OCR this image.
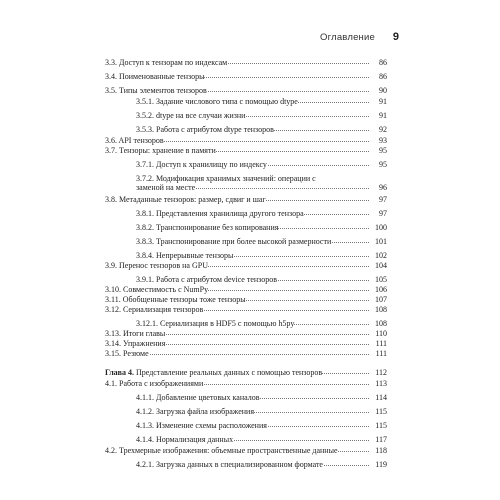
Оглавление 9
3.3. Доступ к тензорам по индексам	86
3.4. Поименованные тензоры	86
3.5. Типы элементов тензоров	90
3.5.1. Задание числового типа с помощью dtype	91
3.5.2. dtype на все случаи жизни	91
3.5.3. Работа с атрибутом dtype тензоров	92
3.6. API тензоров	93
3.7. Тензоры: хранение в памяти	95
3.7.1. Доступ к хранилищу по индексу	95
3.7.2. Модификация хранимых значений: операции с заменой на месте	96
3.8. Метаданные тензоров: размер, сдвиг и шаг	97
3.8.1. Представления хранилища другого тензора	97
3.8.2. Транспонирование без копирования	100
3.8.3. Транспонирование при более высокой размерности	101
3.8.4. Непрерывные тензоры	102
3.9. Перенос тензоров на GPU	104
3.9.1. Работа с атрибутом device тензоров	105
3.10. Совместимость с NumPy	106
3.11. Обобщенные тензоры тоже тензоры	107
3.12. Сериализация тензоров	108
3.12.1. Сериализация в HDF5 с помощью h5py	108
3.13. Итоги главы	110
3.14. Упражнения	111
3.15. Резюме	111
Глава 4. Представление реальных данных с помощью тензоров	112
4.1. Работа с изображениями	113
4.1.1. Добавление цветовых каналов	114
4.1.2. Загрузка файла изображения	115
4.1.3. Изменение схемы расположения	115
4.1.4. Нормализация данных	117
4.2. Трехмерные изображения: объемные пространственные данные	118
4.2.1. Загрузка данных в специализированном формате	119
